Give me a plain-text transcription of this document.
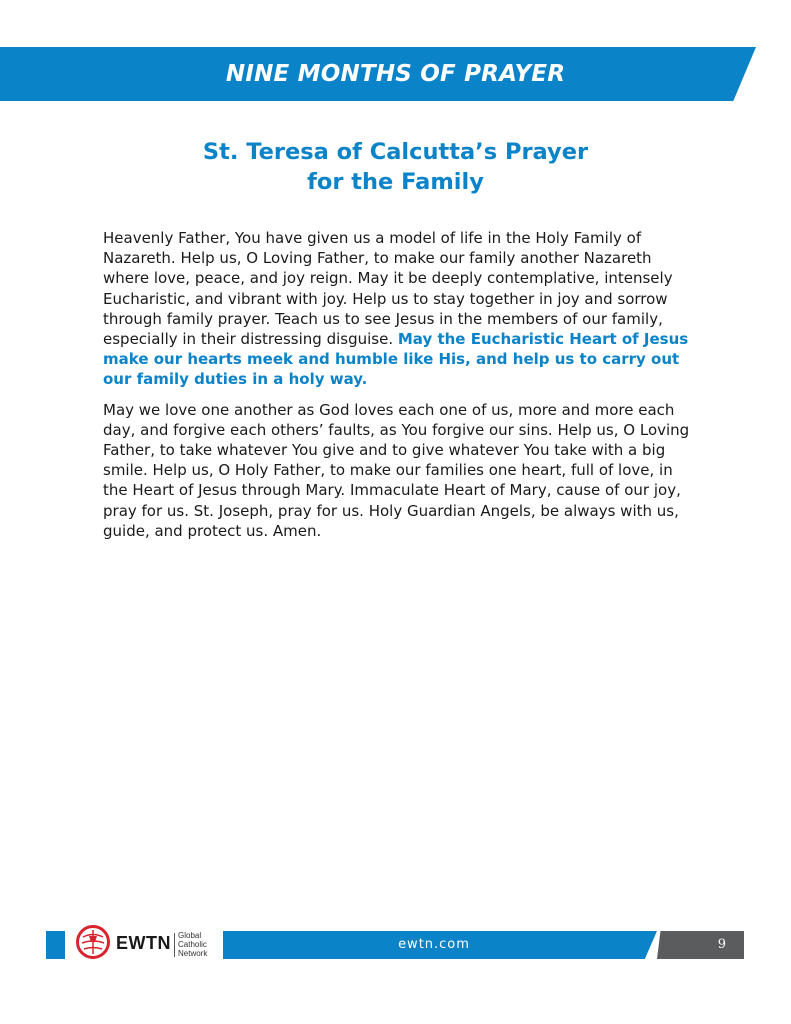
NINE MONTHS OF PRAYER
St. Teresa of Calcutta’s Prayer
for the Family

Heavenly Father, You have given us a model of life in the Holy Family of Nazareth. Help us, O Loving Father, to make our family another Nazareth where love, peace, and joy reign. May it be deeply contemplative, intensely Eucharistic, and vibrant with joy. Help us to stay together in joy and sorrow through family prayer. Teach us to see Jesus in the members of our family, especially in their distressing disguise. May the Eucharistic Heart of Jesus make our hearts meek and humble like His, and help us to carry out our family duties in a holy way.

May we love one another as God loves each one of us, more and more each day, and forgive each others’ faults, as You forgive our sins. Help us, O Loving Father, to take whatever You give and to give whatever You take with a big smile. Help us, O Holy Father, to make our families one heart, full of love, in the Heart of Jesus through Mary. Immaculate Heart of Mary, cause of our joy, pray for us. St. Joseph, pray for us. Holy Guardian Angels, be always with us, guide, and protect us. Amen.

EWTN Global
Catholic
Network
ewtn.com	9
